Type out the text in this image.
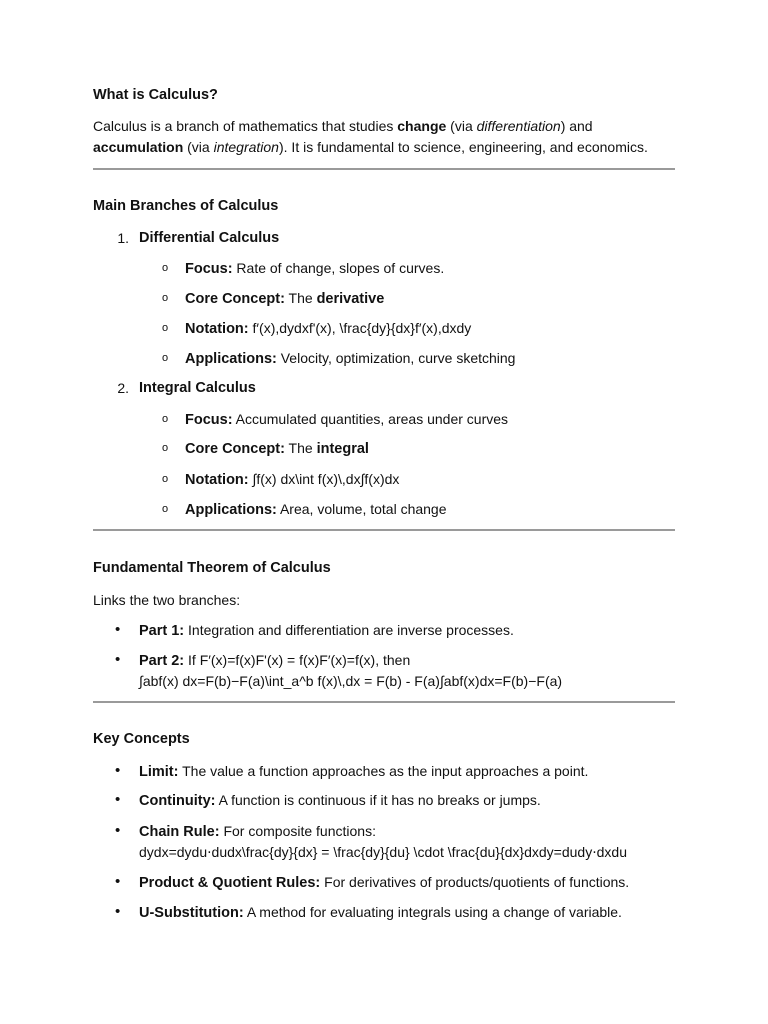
What is Calculus?
Calculus is a branch of mathematics that studies change (via differentiation) and
accumulation (via integration). It is fundamental to science, engineering, and economics.
Main Branches of Calculus
1. Differential Calculus
o Focus: Rate of change, slopes of curves.
o Core Concept: The derivative
o Notation: f′(x),dydxf'(x), \frac{dy}{dx}f′(x),dxdy
o Applications: Velocity, optimization, curve sketching
2. Integral Calculus
o Focus: Accumulated quantities, areas under curves
o Core Concept: The integral
o Notation: ∫f(x) dx\int f(x)\,dx∫f(x)dx
o Applications: Area, volume, total change
Fundamental Theorem of Calculus
Links the two branches:
• Part 1: Integration and differentiation are inverse processes.
• Part 2: If F′(x)=f(x)F'(x) = f(x)F′(x)=f(x), then
∫abf(x) dx=F(b)−F(a)\int_a^b f(x)\,dx = F(b) - F(a)∫abf(x)dx=F(b)−F(a)
Key Concepts
• Limit: The value a function approaches as the input approaches a point.
• Continuity: A function is continuous if it has no breaks or jumps.
• Chain Rule: For composite functions:
dydx=dydu⋅dudx\frac{dy}{dx} = \frac{dy}{du} \cdot \frac{du}{dx}dxdy=dudy⋅dxdu
• Product & Quotient Rules: For derivatives of products/quotients of functions.
• U-Substitution: A method for evaluating integrals using a change of variable.
